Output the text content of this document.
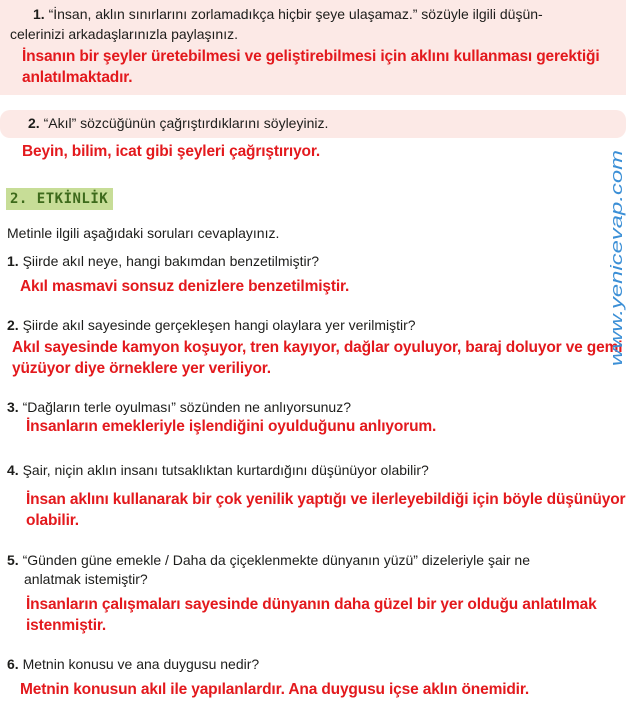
1. “İnsan, aklın sınırlarını zorlamadıkça hiçbir şeye ulaşamaz.” sözüyle ilgili düşün-
celerinizi arkadaşlarınızla paylaşınız.
İnsanın bir şeyler üretebilmesi ve geliştirebilmesi için aklını kullanması gerektiği
anlatılmaktadır.
2. “Akıl” sözcüğünün çağrıştırdıklarını söyleyiniz.
Beyin, bilim, icat gibi şeyleri çağrıştırıyor.
2. ETKİNLİK
Metinle ilgili aşağıdaki soruları cevaplayınız.
1. Şiirde akıl neye, hangi bakımdan benzetilmiştir?
Akıl masmavi sonsuz denizlere benzetilmiştir.
2. Şiirde akıl sayesinde gerçekleşen hangi olaylara yer verilmiştir?
Akıl sayesinde kamyon koşuyor, tren kayıyor, dağlar oyuluyor, baraj doluyor ve gemi
yüzüyor diye örneklere yer veriliyor.
3. “Dağların terle oyulması” sözünden ne anlıyorsunuz?
İnsanların emekleriyle işlendiğini oyulduğunu anlıyorum.
4. Şair, niçin aklın insanı tutsaklıktan kurtardığını düşünüyor olabilir?
İnsan aklını kullanarak bir çok yenilik yaptığı ve ilerleyebildiği için böyle düşünüyor
olabilir.
5. “Günden güne emekle / Daha da çiçeklenmekte dünyanın yüzü” dizeleriyle şair ne
anlatmak istemiştir?
İnsanların çalışmaları sayesinde dünyanın daha güzel bir yer olduğu anlatılmak
istenmiştir.
6. Metnin konusu ve ana duygusu nedir?
Metnin konusun akıl ile yapılanlardır. Ana duygusu içse aklın önemidir.
www.yenicevap.com
